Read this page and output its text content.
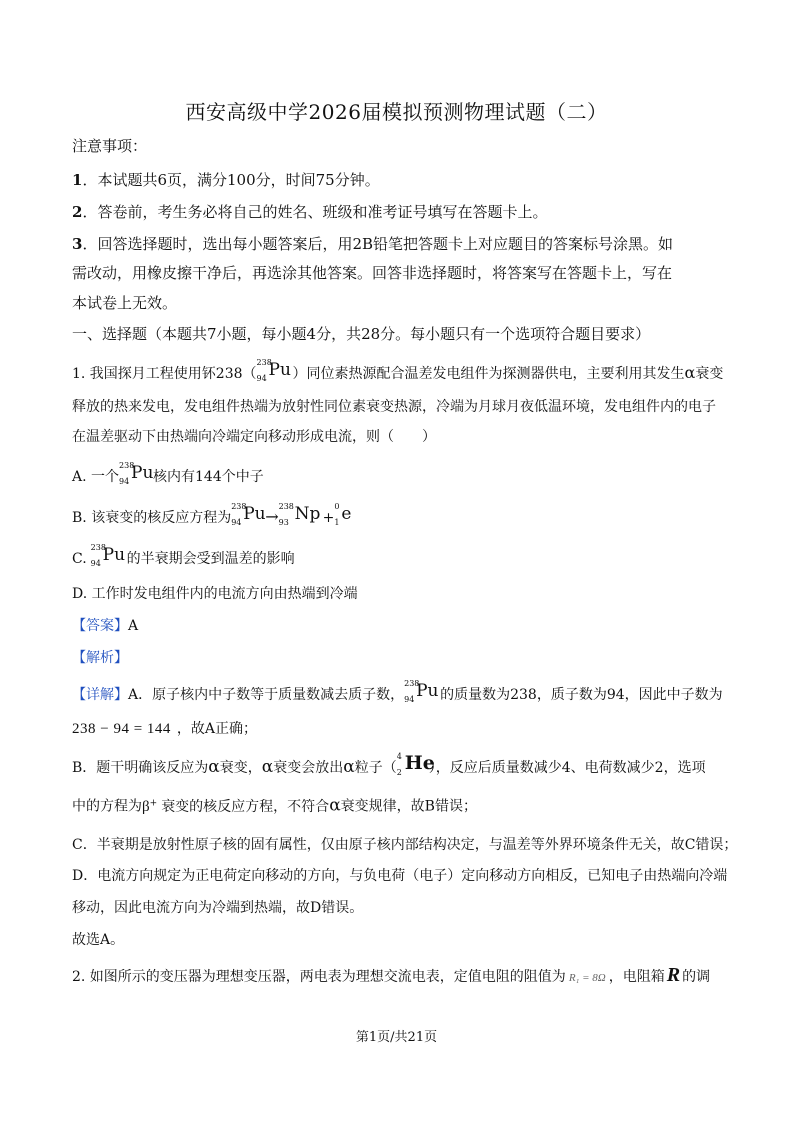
西安高级中学2026届模拟预测物理试题（二）
注意事项：
1．本试题共6页，满分100分，时间75分钟。
2．答卷前，考生务必将自己的姓名、班级和准考证号填写在答题卡上。
3．回答选择题时，选出每小题答案后，用2B铅笔把答题卡上对应题目的答案标号涂黑。如
需改动，用橡皮擦干净后，再选涂其他答案。回答非选择题时，将答案写在答题卡上，写在
本试卷上无效。
一、选择题（本题共7小题，每小题4分，共28分。每小题只有一个选项符合题目要求）
1. 我国探月工程使用钚238（
238
94 Pu ）同位素热源配合温差发电组件为探测器供电，主要利用其发生α衰变
释放的热来发电，发电组件热端为放射性同位素衰变热源，冷端为月球月夜低温环境，发电组件内的电子
在温差驱动下由热端向冷端定向移动形成电流，则（　　）
A. 一个
238
94 Pu 核内有144个中子
B. 该衰变的核反应方程为
238
94 Pu →
238
93 Np +
0
1 e
C.
238
94 Pu 的半衰期会受到温差的影响
D. 工作时发电组件内的电流方向由热端到冷端
【答案】A
【解析】
【详解】A．原子核内中子数等于质量数减去质子数，
238
94 Pu 的质量数为238，质子数为94，因此中子数为
238 − 94 = 144 ，故A正确；
B．题干明确该反应为α衰变，α衰变会放出α粒子（
4
2 He
），反应后质量数减少4、电荷数减少2，选项
中的方程为β+ 衰变的核反应方程，不符合α衰变规律，故B错误；
C．半衰期是放射性原子核的固有属性，仅由原子核内部结构决定，与温差等外界环境条件无关，故C错误；
D．电流方向规定为正电荷定向移动的方向，与负电荷（电子）定向移动方向相反，已知电子由热端向冷端
移动，因此电流方向为冷端到热端，故D错误。
故选A。
2. 如图所示的变压器为理想变压器，两电表为理想交流电表，定值电阻的阻值为 R₁ = 8Ω ，电阻箱 R 的调
第1页/共21页
